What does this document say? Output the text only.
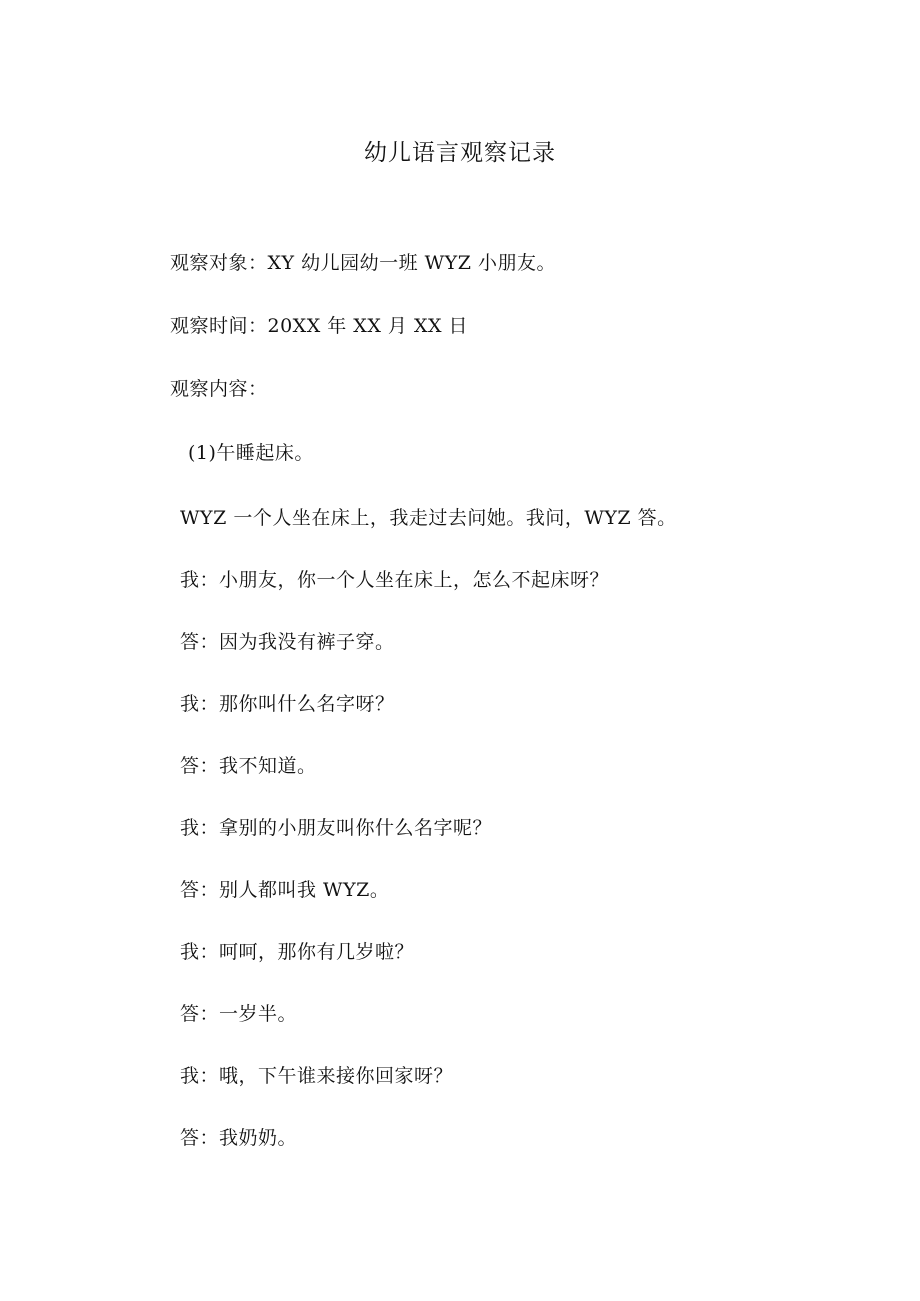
幼儿语言观察记录
观察对象：XY 幼儿园幼一班 WYZ 小朋友。
观察时间：20XX 年 XX 月 XX 日
观察内容：
(1)午睡起床。
WYZ 一个人坐在床上，我走过去问她。我问，WYZ 答。
我：小朋友，你一个人坐在床上，怎么不起床呀？
答：因为我没有裤子穿。
我：那你叫什么名字呀？
答：我不知道。
我：拿别的小朋友叫你什么名字呢？
答：别人都叫我 WYZ。
我：呵呵，那你有几岁啦？
答：一岁半。
我：哦，下午谁来接你回家呀？
答：我奶奶。
